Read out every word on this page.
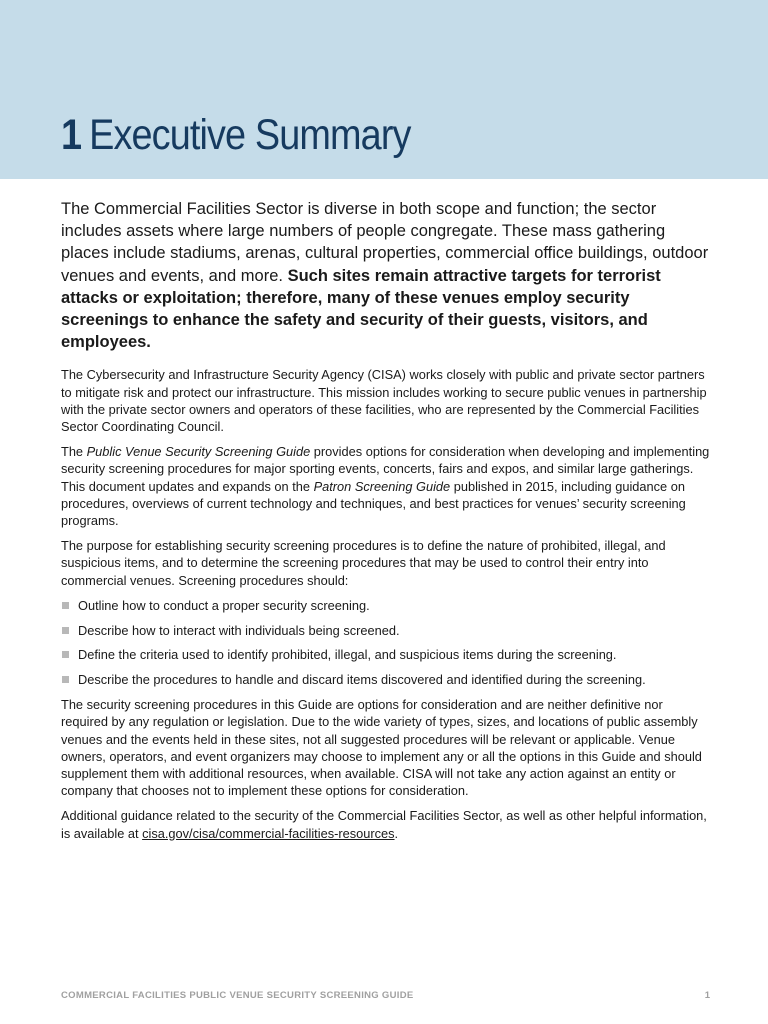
1 Executive Summary

The Commercial Facilities Sector is diverse in both scope and function; the sector includes assets where large numbers of people congregate. These mass gathering places include stadiums, arenas, cultural properties, commercial office buildings, outdoor venues and events, and more. Such sites remain attractive targets for terrorist attacks or exploitation; therefore, many of these venues employ security screenings to enhance the safety and security of their guests, visitors, and employees.

The Cybersecurity and Infrastructure Security Agency (CISA) works closely with public and private sector partners to mitigate risk and protect our infrastructure. This mission includes working to secure public venues in partnership with the private sector owners and operators of these facilities, who are represented by the Commercial Facilities Sector Coordinating Council.

The Public Venue Security Screening Guide provides options for consideration when developing and implementing security screening procedures for major sporting events, concerts, fairs and expos, and similar large gatherings. This document updates and expands on the Patron Screening Guide published in 2015, including guidance on procedures, overviews of current technology and techniques, and best practices for venues’ security screening programs.

The purpose for establishing security screening procedures is to define the nature of prohibited, illegal, and suspicious items, and to determine the screening procedures that may be used to control their entry into commercial venues. Screening procedures should:

Outline how to conduct a proper security screening.
Describe how to interact with individuals being screened.
Define the criteria used to identify prohibited, illegal, and suspicious items during the screening.
Describe the procedures to handle and discard items discovered and identified during the screening.

The security screening procedures in this Guide are options for consideration and are neither definitive nor required by any regulation or legislation. Due to the wide variety of types, sizes, and locations of public assembly venues and the events held in these sites, not all suggested procedures will be relevant or applicable. Venue owners, operators, and event organizers may choose to implement any or all the options in this Guide and should supplement them with additional resources, when available. CISA will not take any action against an entity or company that chooses not to implement these options for consideration.

Additional guidance related to the security of the Commercial Facilities Sector, as well as other helpful information, is available at cisa.gov/cisa/commercial-facilities-resources.

COMMERCIAL FACILITIES PUBLIC VENUE SECURITY SCREENING GUIDE	1
